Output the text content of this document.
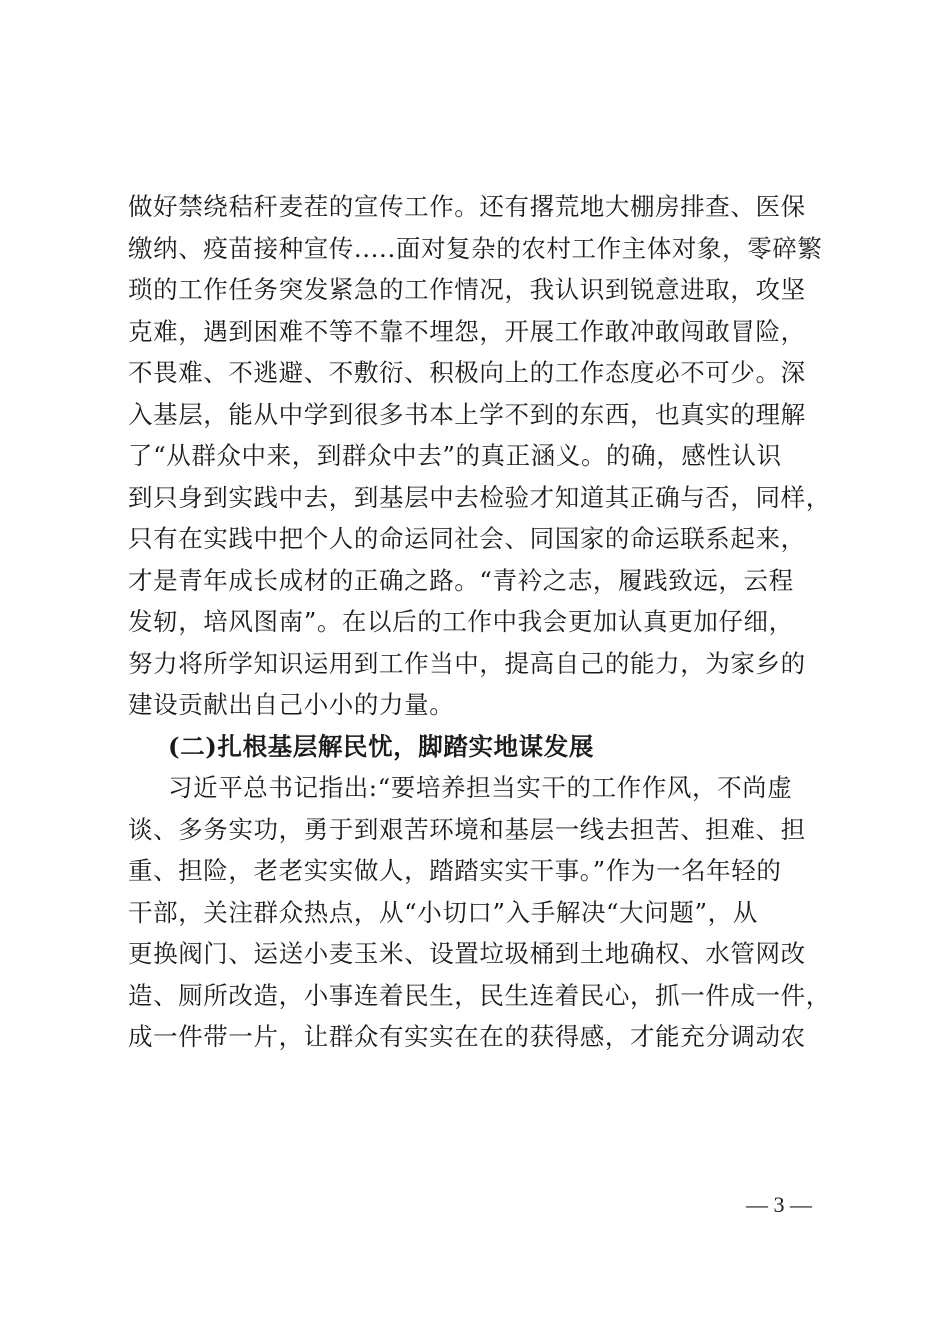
做好禁绕秸秆麦茬的宣传工作。还有撂荒地大棚房排查、医保
缴纳、疫苗接种宣传.....面对复杂的农村工作主体对象，零碎繁
琐的工作任务突发紧急的工作情况，我认识到锐意进取，攻坚
克难，遇到困难不等不靠不埋怨，开展工作敢冲敢闯敢冒险，
不畏难、不逃避、不敷衍、积极向上的工作态度必不可少。深
入基层，能从中学到很多书本上学不到的东西，也真实的理解
了“从群众中来，到群众中去”的真正涵义。的确，感性认识
到只身到实践中去，到基层中去检验才知道其正确与否，同样，
只有在实践中把个人的命运同社会、同国家的命运联系起来，
才是青年成长成材的正确之路。“青衿之志，履践致远，云程
发轫，培风图南”。在以后的工作中我会更加认真更加仔细，
努力将所学知识运用到工作当中，提高自己的能力，为家乡的
建设贡献出自己小小的力量。
(二)扎根基层解民忧，脚踏实地谋发展
习近平总书记指出:“要培养担当实干的工作作风，不尚虚
谈、多务实功，勇于到艰苦环境和基层一线去担苦、担难、担
重、担险，老老实实做人，踏踏实实干事。”作为一名年轻的
干部，关注群众热点，从“小切口”入手解决“大问题”，从
更换阀门、运送小麦玉米、设置垃圾桶到土地确权、水管网改
造、厕所改造，小事连着民生，民生连着民心，抓一件成一件，
成一件带一片，让群众有实实在在的获得感，才能充分调动农
— 3 —
